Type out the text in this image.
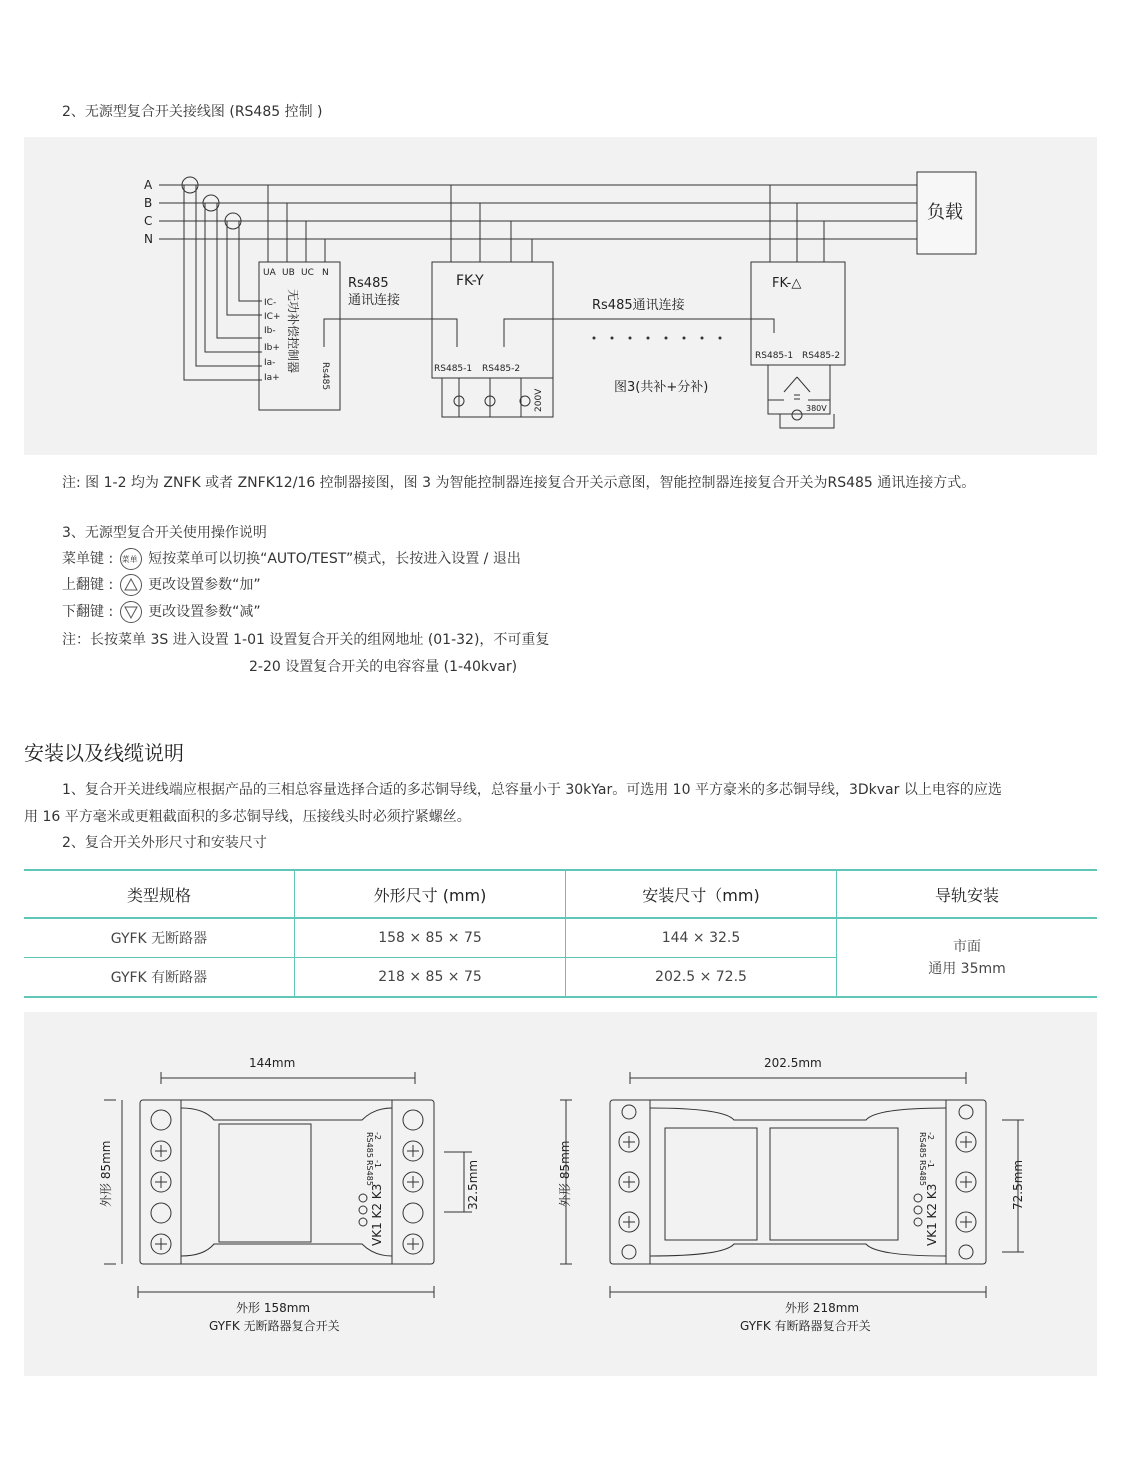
2、无源型复合开关接线图 (RS485 控制 )
A
B
C
N
负载
UA UB UC N
IC-
IC+
Ib-
Ib+
Ia-
Ia+
无功补偿控制器
Rs485
Rs485
通讯连接
FK-Y
RS485-1 RS485-2
200V
Rs485通讯连接
图3(共补+分补)
FK-△
RS485-1 RS485-2
380V
注: 图 1-2 均为 ZNFK 或者 ZNFK12/16 控制器接图，图 3 为智能控制器连接复合开关示意图，智能控制器连接复合开关为RS485 通讯连接方式。
3、无源型复合开关使用操作说明
菜单键 : 菜单 短按菜单可以切换“AUTO/TEST”模式，长按进入设置 / 退出
上翻键 : 更改设置参数“加”
下翻键 : 更改设置参数“减”
注：长按菜单 3S 进入设置 1-01 设置复合开关的组网地址 (01-32)，不可重复
2-20 设置复合开关的电容容量 (1-40kvar)
安装以及线缆说明
1、复合开关进线端应根据产品的三相总容量选择合适的多芯铜导线，总容量小于 30kYar。可选用 10 平方豪米的多芯铜导线，3Dkvar 以上电容的应选
用 16 平方毫米或更粗截面积的多芯铜导线，压接线头时必须拧紧螺丝。
2、复合开关外形尺寸和安装尺寸
类型规格	外形尺寸 (mm)	安装尺寸（mm)	导轨安装
GYFK 无断路器	158 × 85 × 75	144 × 32.5	市面
通用 35mm

GYFK 有断路器	218 × 85 × 75	202.5 × 72.5	
144mm
外形 85mm	32.5mm
外形 158mm
GYFK 无断路器复合开关
RS485 -2
RS485 -1
VK1 K2 K3
202.5mm
外形 85mm	72.5mm
外形 218mm
GYFK 有断路器复合开关
RS485 -2
RS485 -1
VK1 K2 K3
